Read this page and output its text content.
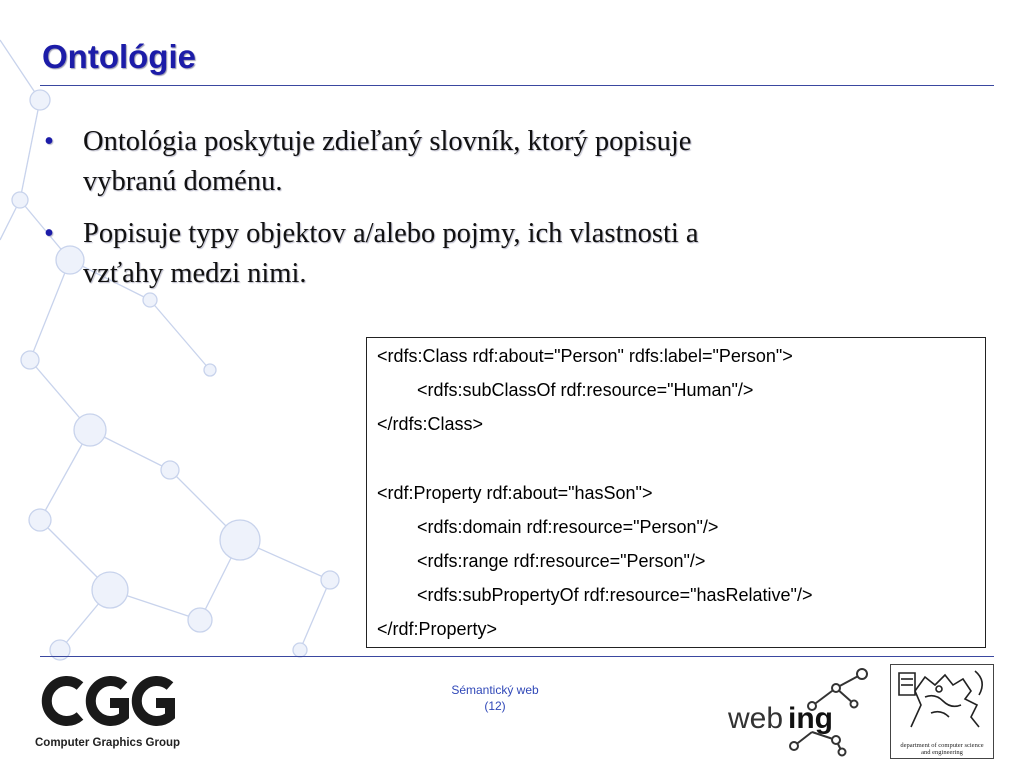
Ontológie
• Ontológia poskytuje zdieľaný slovník, ktorý popisuje
vybranú doménu.
• Popisuje typy objektov a/alebo pojmy, ich vlastnosti a
vzťahy medzi nimi.
<rdfs:Class rdf:about="Person" rdfs:label="Person">
<rdfs:subClassOf rdf:resource="Human"/>
</rdfs:Class>
<rdf:Property rdf:about="hasSon">
<rdfs:domain rdf:resource="Person"/>
<rdfs:range rdf:resource="Person"/>
<rdfs:subPropertyOf rdf:resource="hasRelative"/>
</rdf:Property>
Computer Graphics Group
Sémantický web
(12)	web ing
department of computer science
and engineering
